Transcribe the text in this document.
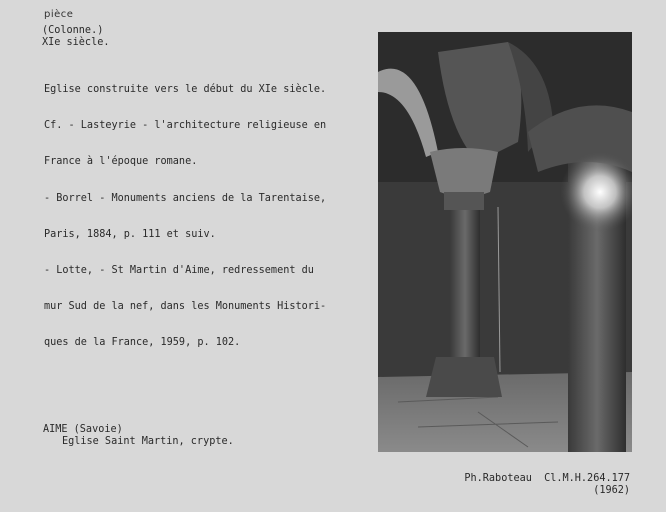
pièce
(Colonne.)
XIe siècle.

Eglise construite vers le début du XIe siècle.

Cf. - Lasteyrie - l'architecture religieuse en

France à l'époque romane.

- Borrel - Monuments anciens de la Tarentaise,

Paris, 1884, p. 111 et suiv.

- Lotte, - St Martin d'Aime, redressement du

mur Sud de la nef, dans les Monuments Histori-

ques de la France, 1959, p. 102.

AIME (Savoie)
Eglise Saint Martin, crypte.
Ph.Raboteau  Cl.M.H.264.177
(1962)
